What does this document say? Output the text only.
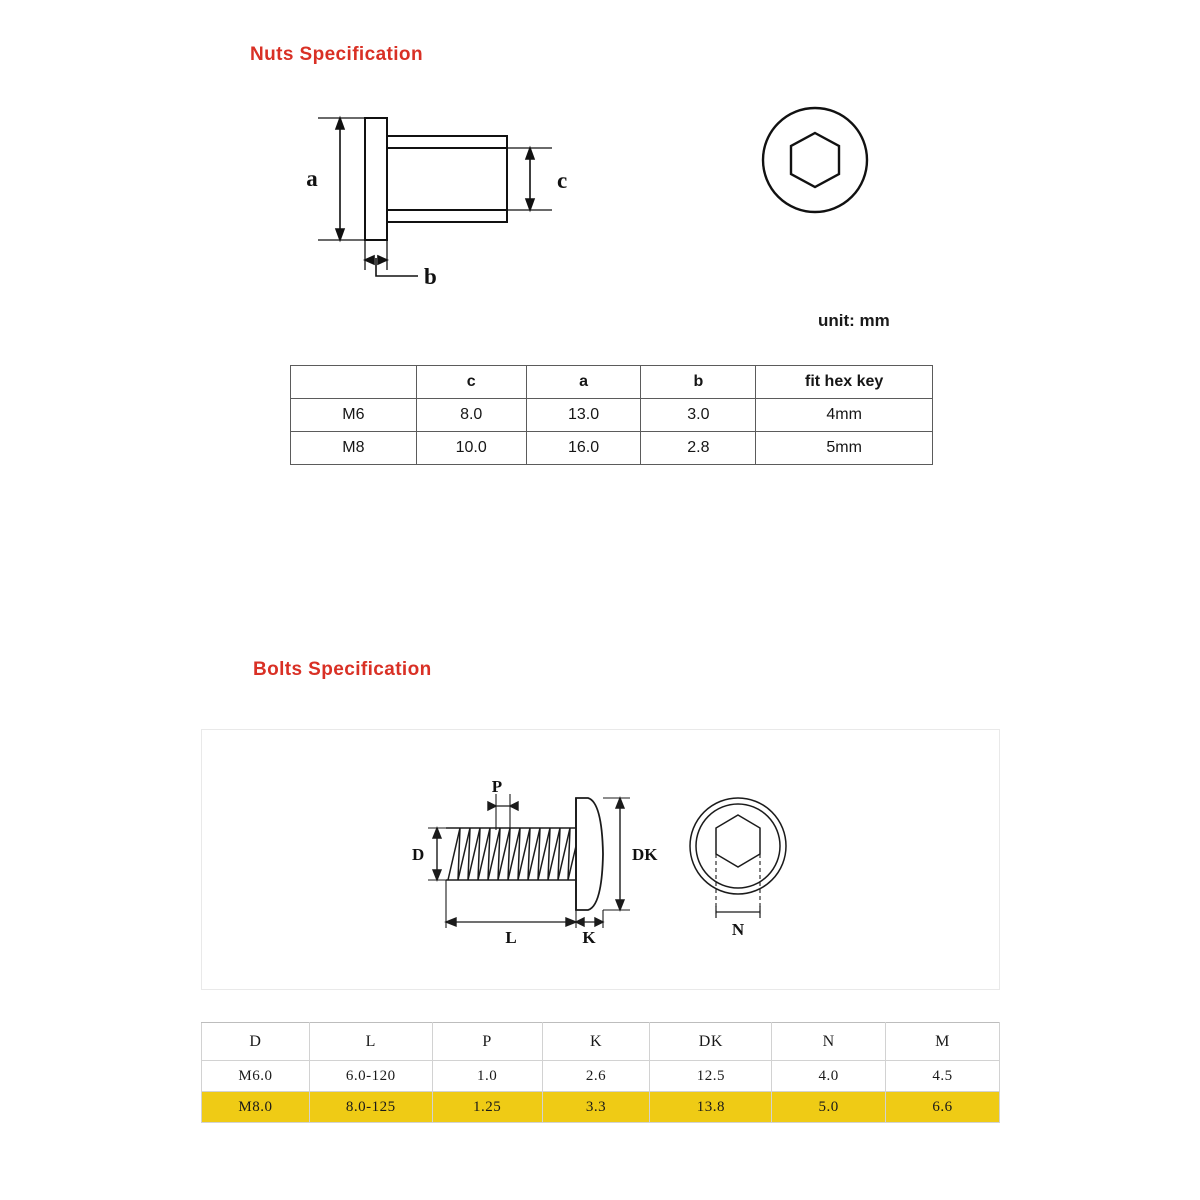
Nuts Specification
a	c
b
unit: mm
	c	a	b	fit hex key
M6	8.0	13.0	3.0	4mm
M8	10.0	16.0	2.8	5mm
Bolts Specification
D
P
DK
L	K	N
D	L	P	K	DK	N	M
M6.0	6.0-120	1.0	2.6	12.5	4.0	4.5
M8.0	8.0-125	1.25	3.3	13.8	5.0	6.6
